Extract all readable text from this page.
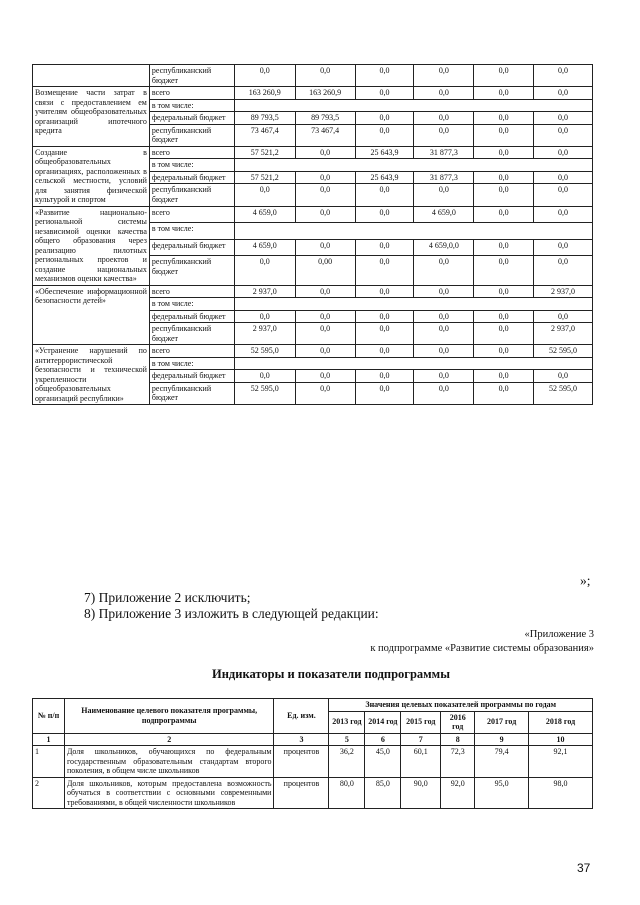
	республиканский бюджет	0,0	0,0	0,0	0,0	0,0	0,0
Возмещение части затрат в связи с предоставлением ем учителям общеобразовательных организаций ипотечного кредита	всего	163 260,9	163 260,9	0,0	0,0	0,0	0,0
	в том числе:						
	федеральный бюджет	89 793,5	89 793,5	0,0	0,0	0,0	0,0
	республиканский бюджет	73 467,4	73 467,4	0,0	0,0	0,0	0,0
Создание в общеобразовательных организациях, расположенных в сельской местности, условий для занятия физической культурой и спортом	всего	57 521,2	0,0	25 643,9	31 877,3	0,0	0,0
	в том числе:						
	федеральный бюджет	57 521,2	0,0	25 643,9	31 877,3	0,0	0,0
	республиканский бюджет	0,0	0,0	0,0	0,0	0,0	0,0
«Развитие национально-региональной системы независимой оценки качества общего образования через реализацию пилотных региональных проектов и создание национальных механизмов оценки качества»	всего	4 659,0	0,0	0,0	4 659,0	0,0	0,0
	в том числе:						
	федеральный бюджет	4 659,0	0,0	0,0	4 659,0,0	0,0	0,0
	республиканский бюджет	0,0	0,00	0,0	0,0	0,0	0,0
«Обеспечение информационной безопасности детей»	всего	2 937,0	0,0	0,0	0,0	0,0	2 937,0
	в том числе:						
	федеральный бюджет	0,0	0,0	0,0	0,0	0,0	0,0
	республиканский бюджет	2 937,0	0,0	0,0	0,0	0,0	2 937,0
«Устранение нарушений по антитеррористической безопасности и технической укрепленности общеобразовательных организаций республики»	всего	52 595,0	0,0	0,0	0,0	0,0	52 595,0
	в том числе:						
	федеральный бюджет	0,0	0,0	0,0	0,0	0,0	0,0
	республиканский бюджет	52 595,0	0,0	0,0	0,0	0,0	52 595,0
»;
7) Приложение 2 исключить;
8) Приложение 3 изложить в следующей редакции:
«Приложение 3
к подпрограмме «Развитие системы образования»
Индикаторы и показатели подпрограммы
№ п/п	Наименование целевого показателя программы, подпрограммы	Ед. изм.	Значения целевых показателей программы по годам					
			2013 год	2014 год	2015 год	2016 год	2017 год	2018 год
1	2	3	5	6	7	8	9	10
1	Доля школьников, обучающихся по федеральным государственным образовательным стандартам второго поколения, в общем числе школьников	процентов	36,2	45,0	60,1	72,3	79,4	92,1
2	Доля школьников, которым предоставлена возможность обучаться в соответствии с основными современными требованиями, в общей численности школьников	процентов	80,0	85,0	90,0	92,0	95,0	98,0
37
